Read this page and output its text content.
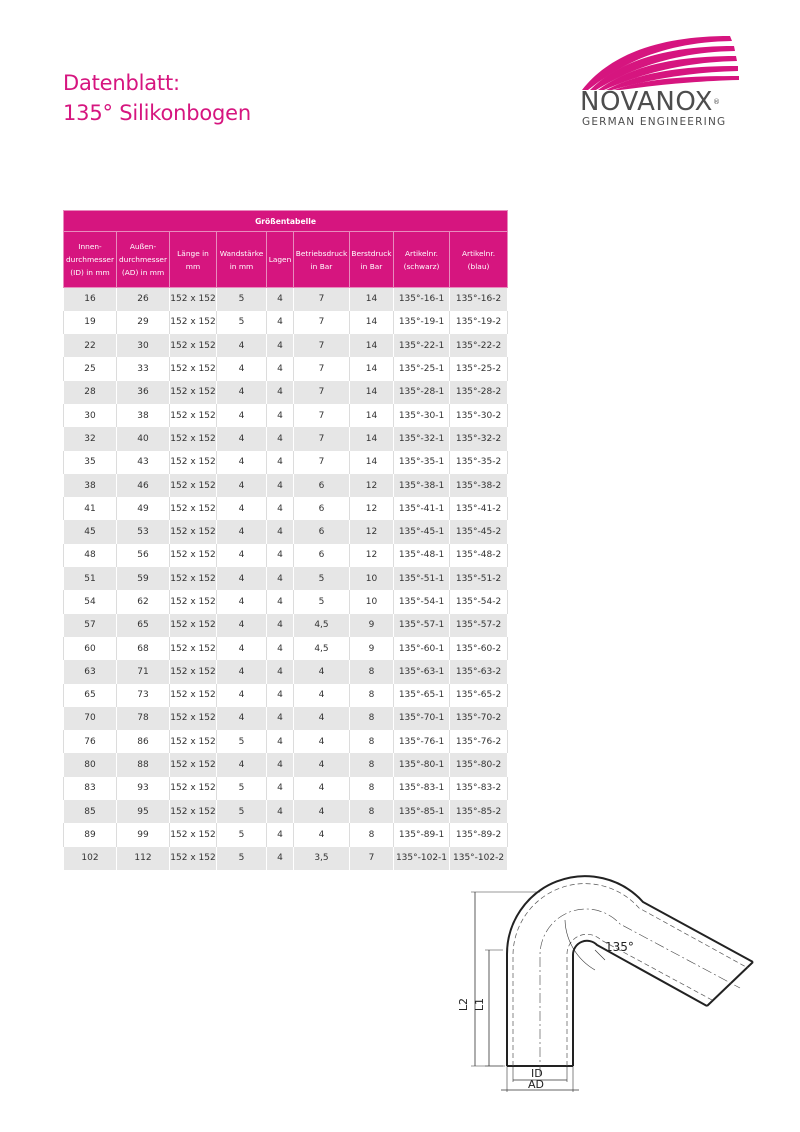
Datenblatt:
135° Silikonbogen	NOVANOX®
GERMAN ENGINEERING
Größentabelle								
Innen-durchmesser (ID) in mm	Außen-durchmesser (AD) in mm	Länge in mm	Wandstärke in mm	Lagen	Betriebsdruck in Bar	Berstdruck in Bar	Artikelnr. (schwarz)	Artikelnr. (blau)
16	26	152 x 152	5	4	7	14	135°-16-1	135°-16-2
19	29	152 x 152	5	4	7	14	135°-19-1	135°-19-2
22	30	152 x 152	4	4	7	14	135°-22-1	135°-22-2
25	33	152 x 152	4	4	7	14	135°-25-1	135°-25-2
28	36	152 x 152	4	4	7	14	135°-28-1	135°-28-2
30	38	152 x 152	4	4	7	14	135°-30-1	135°-30-2
32	40	152 x 152	4	4	7	14	135°-32-1	135°-32-2
35	43	152 x 152	4	4	7	14	135°-35-1	135°-35-2
38	46	152 x 152	4	4	6	12	135°-38-1	135°-38-2
41	49	152 x 152	4	4	6	12	135°-41-1	135°-41-2
45	53	152 x 152	4	4	6	12	135°-45-1	135°-45-2
48	56	152 x 152	4	4	6	12	135°-48-1	135°-48-2
51	59	152 x 152	4	4	5	10	135°-51-1	135°-51-2
54	62	152 x 152	4	4	5	10	135°-54-1	135°-54-2
57	65	152 x 152	4	4	4,5	9	135°-57-1	135°-57-2
60	68	152 x 152	4	4	4,5	9	135°-60-1	135°-60-2
63	71	152 x 152	4	4	4	8	135°-63-1	135°-63-2
65	73	152 x 152	4	4	4	8	135°-65-1	135°-65-2
70	78	152 x 152	4	4	4	8	135°-70-1	135°-70-2
76	86	152 x 152	5	4	4	8	135°-76-1	135°-76-2
80	88	152 x 152	4	4	4	8	135°-80-1	135°-80-2
83	93	152 x 152	5	4	4	8	135°-83-1	135°-83-2
85	95	152 x 152	5	4	4	8	135°-85-1	135°-85-2
89	99	152 x 152	5	4	4	8	135°-89-1	135°-89-2
102	112	152 x 152	5	4	3,5	7	135°-102-1	135°-102-2
135°
L2 L1
ID
AD
